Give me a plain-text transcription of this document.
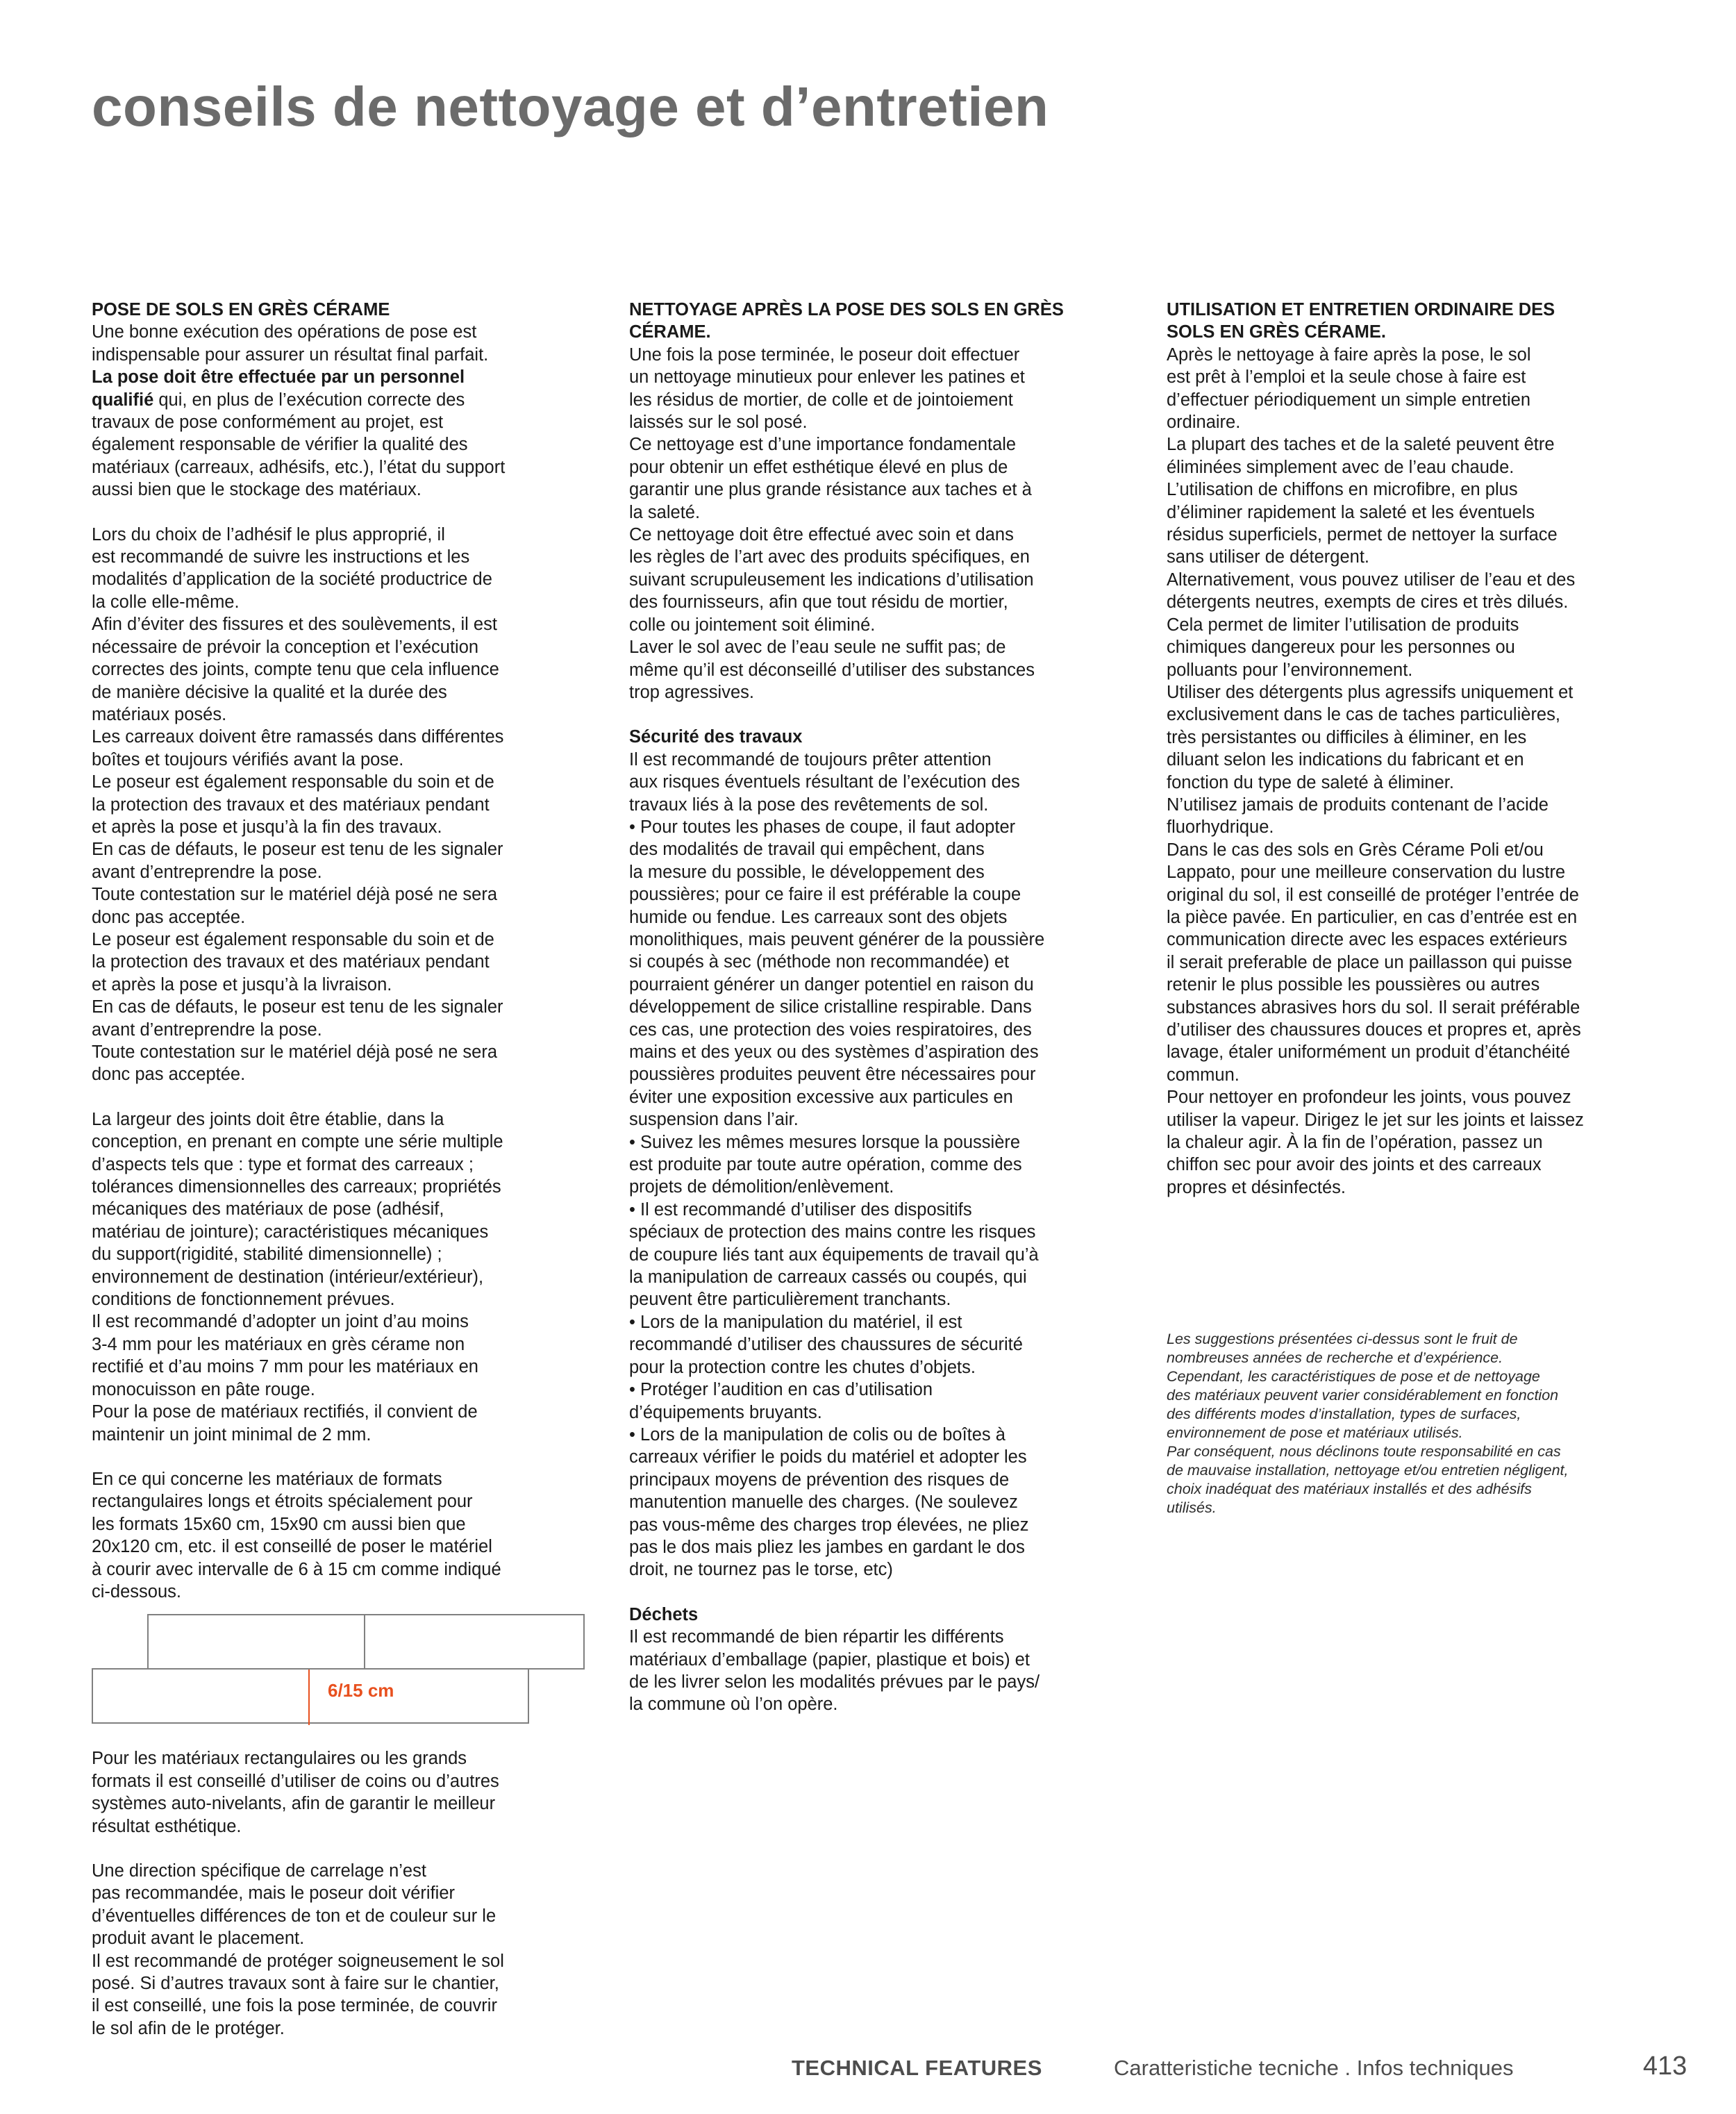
conseils de nettoyage et d’entretien
POSE DE SOLS EN GRÈS CÉRAME

Une bonne exécution des opérations de pose est
indispensable pour assurer un résultat final parfait.

La pose doit être effectuée par un personnel
qualifié qui, en plus de l’exécution correcte des
travaux de pose conformément au projet, est
également responsable de vérifier la qualité des
matériaux (carreaux, adhésifs, etc.), l’état du support
aussi bien que le stockage des matériaux.

Lors du choix de l’adhésif le plus approprié, il
est recommandé de suivre les instructions et les
modalités d’application de la société productrice de
la colle elle-même.
Afin d’éviter des fissures et des soulèvements, il est
nécessaire de prévoir la conception et l’exécution
correctes des joints, compte tenu que cela influence
de manière décisive la qualité et la durée des
matériaux posés.
Les carreaux doivent être ramassés dans différentes
boîtes et toujours vérifiés avant la pose.
Le poseur est également responsable du soin et de
la protection des travaux et des matériaux pendant
et après la pose et jusqu’à la fin des travaux.
En cas de défauts, le poseur est tenu de les signaler
avant d’entreprendre la pose.
Toute contestation sur le matériel déjà posé ne sera
donc pas acceptée.
Le poseur est également responsable du soin et de
la protection des travaux et des matériaux pendant
et après la pose et jusqu’à la livraison.
En cas de défauts, le poseur est tenu de les signaler
avant d’entreprendre la pose.
Toute contestation sur le matériel déjà posé ne sera
donc pas acceptée.

La largeur des joints doit être établie, dans la
conception, en prenant en compte une série multiple
d’aspects tels que : type et format des carreaux ;
tolérances dimensionnelles des carreaux; propriétés
mécaniques des matériaux de pose (adhésif,
matériau de jointure); caractéristiques mécaniques
du support(rigidité, stabilité dimensionnelle) ;
environnement de destination (intérieur/extérieur),
conditions de fonctionnement prévues.
Il est recommandé d’adopter un joint d’au moins
3-4 mm pour les matériaux en grès cérame non
rectifié et d’au moins 7 mm pour les matériaux en
monocuisson en pâte rouge.
Pour la pose de matériaux rectifiés, il convient de
maintenir un joint minimal de 2 mm.

En ce qui concerne les matériaux de formats
rectangulaires longs et étroits spécialement pour
les formats 15x60 cm, 15x90 cm aussi bien que
20x120 cm, etc. il est conseillé de poser le matériel
à courir avec intervalle de 6 à 15 cm comme indiqué
ci-dessous.

6/15 cm

Pour les matériaux rectangulaires ou les grands
formats il est conseillé d’utiliser de coins ou d’autres
systèmes auto-nivelants, afin de garantir le meilleur
résultat esthétique.

Une direction spécifique de carrelage n’est
pas recommandée, mais le poseur doit vérifier
d’éventuelles différences de ton et de couleur sur le
produit avant le placement.
Il est recommandé de protéger soigneusement le sol
posé. Si d’autres travaux sont à faire sur le chantier,
il est conseillé, une fois la pose terminée, de couvrir
le sol afin de le protéger.

NETTOYAGE APRÈS LA POSE DES SOLS EN GRÈS
CÉRAME.

Une fois la pose terminée, le poseur doit effectuer
un nettoyage minutieux pour enlever les patines et
les résidus de mortier, de colle et de jointoiement
laissés sur le sol posé.
Ce nettoyage est d’une importance fondamentale
pour obtenir un effet esthétique élevé en plus de
garantir une plus grande résistance aux taches et à
la saleté.
Ce nettoyage doit être effectué avec soin et dans
les règles de l’art avec des produits spécifiques, en
suivant scrupuleusement les indications d’utilisation
des fournisseurs, afin que tout résidu de mortier,
colle ou jointement soit éliminé.
Laver le sol avec de l’eau seule ne suffit pas; de
même qu’il est déconseillé d’utiliser des substances
trop agressives.

Sécurité des travaux

Il est recommandé de toujours prêter attention
aux risques éventuels résultant de l’exécution des
travaux liés à la pose des revêtements de sol.
• Pour toutes les phases de coupe, il faut adopter
des modalités de travail qui empêchent, dans
la mesure du possible, le développement des
poussières; pour ce faire il est préférable la coupe
humide ou fendue. Les carreaux sont des objets
monolithiques, mais peuvent générer de la poussière
si coupés à sec (méthode non recommandée) et
pourraient générer un danger potentiel en raison du
développement de silice cristalline respirable. Dans
ces cas, une protection des voies respiratoires, des
mains et des yeux ou des systèmes d’aspiration des
poussières produites peuvent être nécessaires pour
éviter une exposition excessive aux particules en
suspension dans l’air.
• Suivez les mêmes mesures lorsque la poussière
est produite par toute autre opération, comme des
projets de démolition/enlèvement.
• Il est recommandé d’utiliser des dispositifs
spéciaux de protection des mains contre les risques
de coupure liés tant aux équipements de travail qu’à
la manipulation de carreaux cassés ou coupés, qui
peuvent être particulièrement tranchants.
• Lors de la manipulation du matériel, il est
recommandé d’utiliser des chaussures de sécurité
pour la protection contre les chutes d’objets.
• Protéger l’audition en cas d’utilisation
d’équipements bruyants.
• Lors de la manipulation de colis ou de boîtes à
carreaux vérifier le poids du matériel et adopter les
principaux moyens de prévention des risques de
manutention manuelle des charges. (Ne soulevez
pas vous-même des charges trop élevées, ne pliez
pas le dos mais pliez les jambes en gardant le dos
droit, ne tournez pas le torse, etc)

Déchets

Il est recommandé de bien répartir les différents
matériaux d’emballage (papier, plastique et bois) et
de les livrer selon les modalités prévues par le pays/
la commune où l’on opère.

UTILISATION ET ENTRETIEN ORDINAIRE DES
SOLS EN GRÈS CÉRAME.

Après le nettoyage à faire après la pose, le sol
est prêt à l’emploi et la seule chose à faire est
d’effectuer périodiquement un simple entretien
ordinaire.
La plupart des taches et de la saleté peuvent être
éliminées simplement avec de l’eau chaude.
L’utilisation de chiffons en microfibre, en plus
d’éliminer rapidement la saleté et les éventuels
résidus superficiels, permet de nettoyer la surface
sans utiliser de détergent.
Alternativement, vous pouvez utiliser de l’eau et des
détergents neutres, exempts de cires et très dilués.
Cela permet de limiter l’utilisation de produits
chimiques dangereux pour les personnes ou
polluants pour l’environnement.
Utiliser des détergents plus agressifs uniquement et
exclusivement dans le cas de taches particulières,
très persistantes ou difficiles à éliminer, en les
diluant selon les indications du fabricant et en
fonction du type de saleté à éliminer.
N’utilisez jamais de produits contenant de l’acide
fluorhydrique.
Dans le cas des sols en Grès Cérame Poli et/ou
Lappato, pour une meilleure conservation du lustre
original du sol, il est conseillé de protéger l’entrée de
la pièce pavée. En particulier, en cas d’entrée est en
communication directe avec les espaces extérieurs
il serait preferable de place un paillasson qui puisse
retenir le plus possible les poussières ou autres
substances abrasives hors du sol. Il serait préférable
d’utiliser des chaussures douces et propres et, après
lavage, étaler uniformément un produit d’étanchéité
commun.
Pour nettoyer en profondeur les joints, vous pouvez
utiliser la vapeur. Dirigez le jet sur les joints et laissez
la chaleur agir. À la fin de l’opération, passez un
chiffon sec pour avoir des joints et des carreaux
propres et désinfectés.

Les suggestions présentées ci-dessus sont le fruit de
nombreuses années de recherche et d’expérience.
Cependant, les caractéristiques de pose et de nettoyage
des matériaux peuvent varier considérablement en fonction
des différents modes d’installation, types de surfaces,
environnement de pose et matériaux utilisés.
Par conséquent, nous déclinons toute responsabilité en cas
de mauvaise installation, nettoyage et/ou entretien négligent,
choix inadéquat des matériaux installés et des adhésifs
utilisés.

TECHNICAL FEATURES	Caratteristiche tecniche . Infos techniques	413
